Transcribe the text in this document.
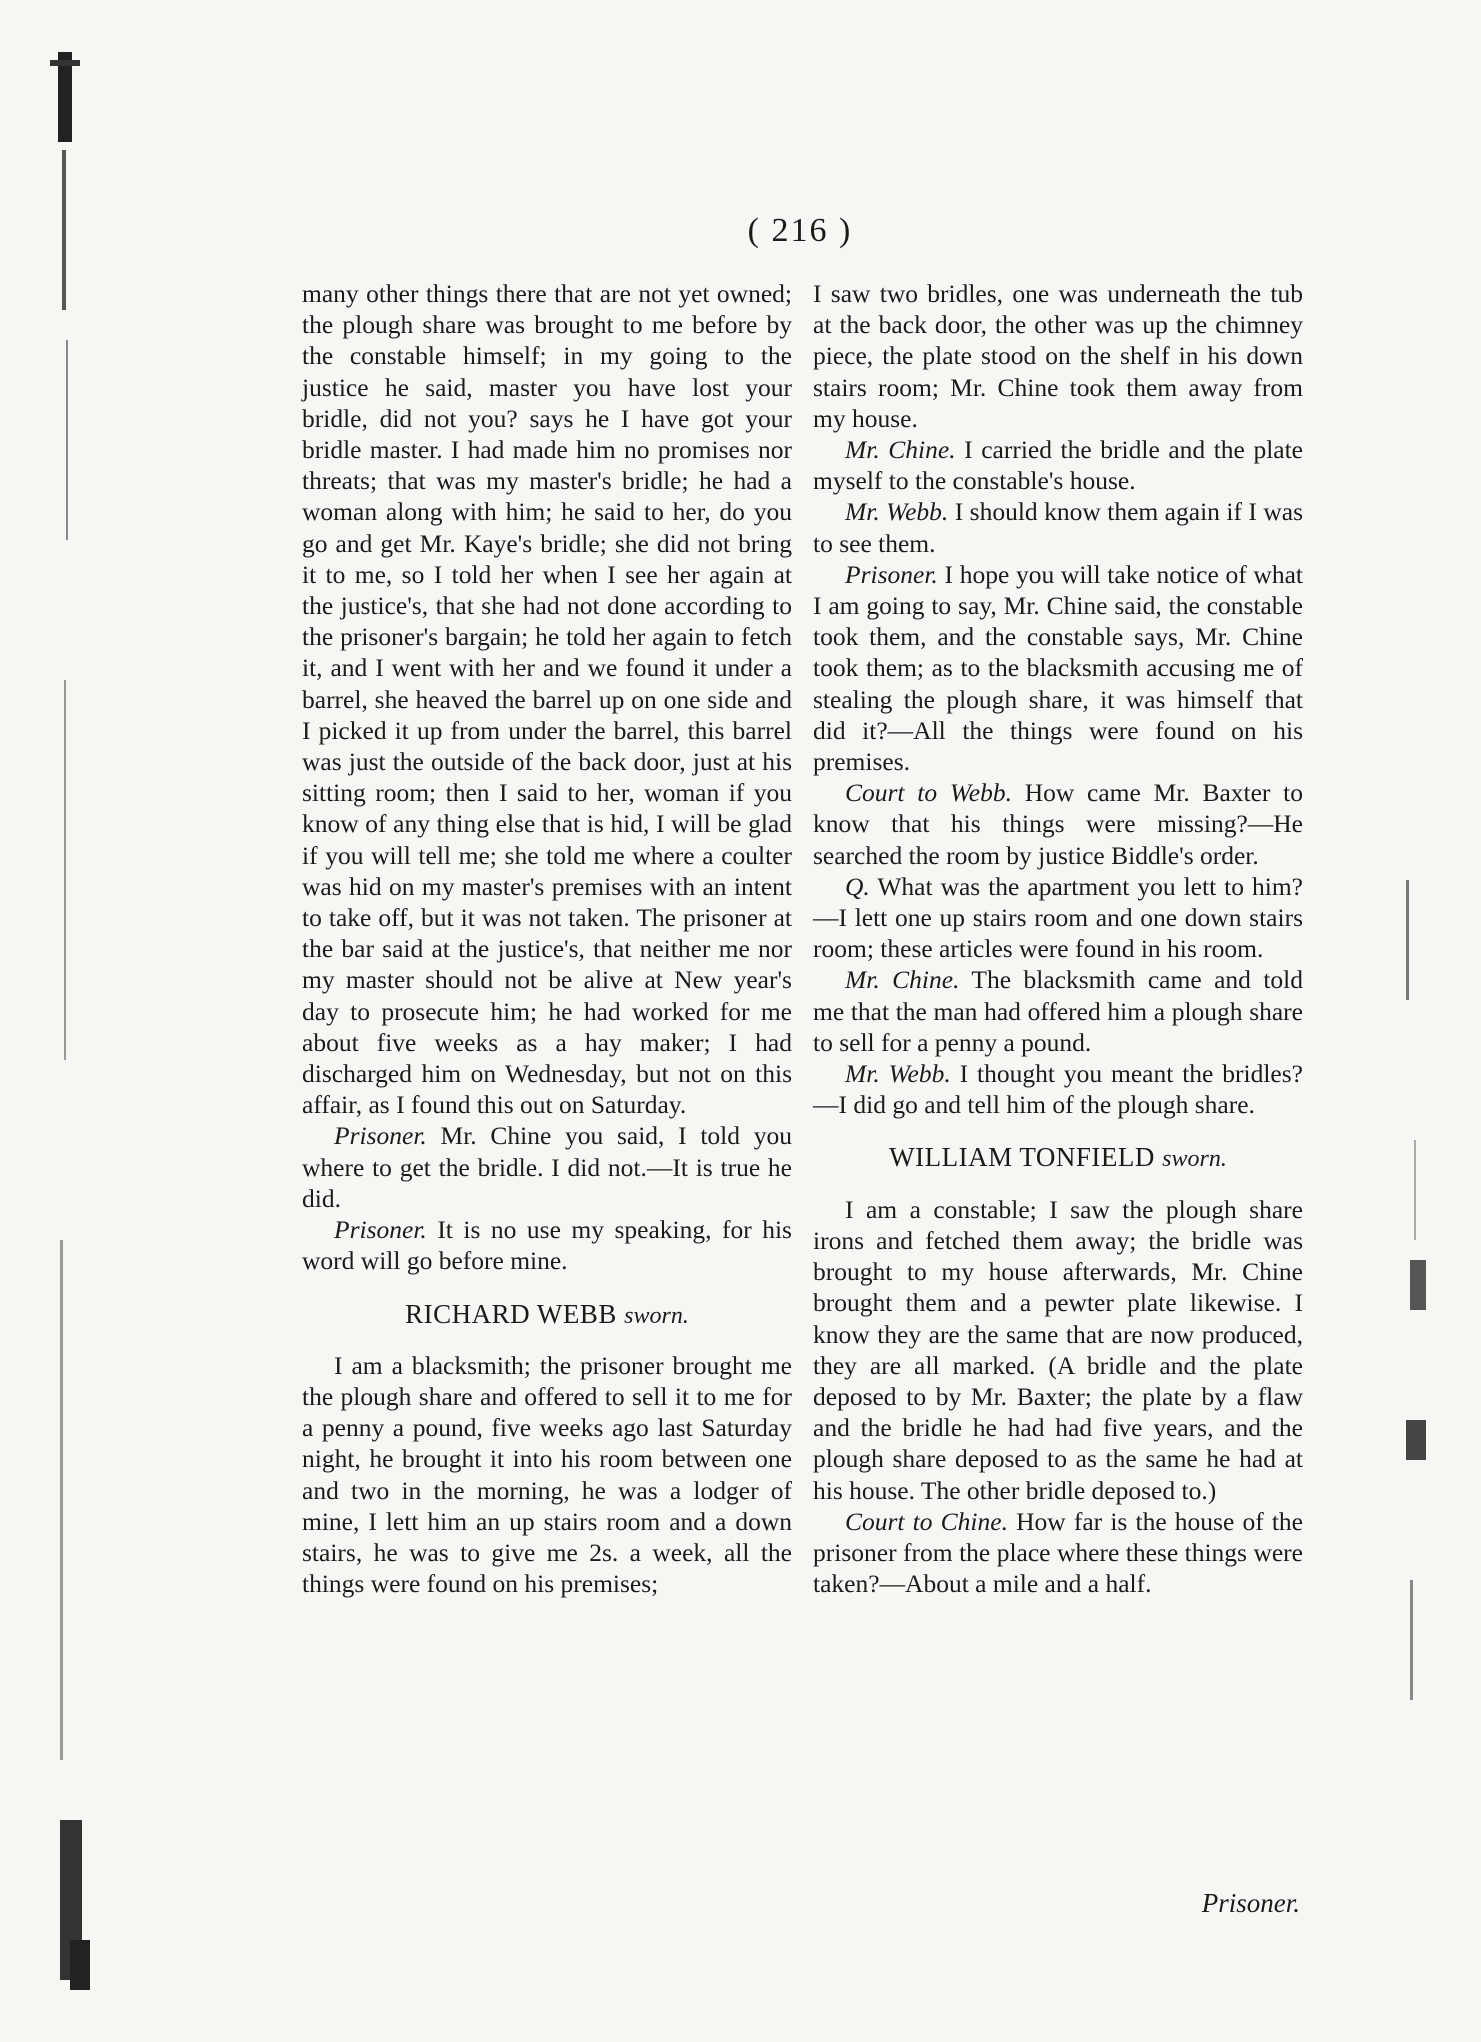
( 216 )

many other things there that are not yet owned; the plough share was brought to me before by the constable himself; in my going to the justice he said, master you have lost your bridle, did not you? says he I have got your bridle master. I had made him no promises nor threats; that was my master's bridle; he had a woman along with him; he said to her, do you go and get Mr. Kaye's bridle; she did not bring it to me, so I told her when I see her again at the justice's, that she had not done according to the prisoner's bargain; he told her again to fetch it, and I went with her and we found it under a barrel, she heaved the barrel up on one side and I picked it up from under the barrel, this barrel was just the outside of the back door, just at his sitting room; then I said to her, woman if you know of any thing else that is hid, I will be glad if you will tell me; she told me where a coulter was hid on my master's premises with an intent to take off, but it was not taken. The prisoner at the bar said at the justice's, that neither me nor my master should not be alive at New year's day to prosecute him; he had worked for me about five weeks as a hay maker; I had discharged him on Wednesday, but not on this affair, as I found this out on Saturday.

Prisoner. Mr. Chine you said, I told you where to get the bridle. I did not.—It is true he did.

Prisoner. It is no use my speaking, for his word will go before mine.

RICHARD WEBB sworn.

I am a blacksmith; the prisoner brought me the plough share and offered to sell it to me for a penny a pound, five weeks ago last Saturday night, he brought it into his room between one and two in the morning, he was a lodger of mine, I lett him an up stairs room and a down stairs, he was to give me 2s. a week, all the things were found on his premises;

I saw two bridles, one was underneath the tub at the back door, the other was up the chimney piece, the plate stood on the shelf in his down stairs room; Mr. Chine took them away from my house.

Mr. Chine. I carried the bridle and the plate myself to the constable's house.

Mr. Webb. I should know them again if I was to see them.

Prisoner. I hope you will take notice of what I am going to say, Mr. Chine said, the constable took them, and the constable says, Mr. Chine took them; as to the blacksmith accusing me of stealing the plough share, it was himself that did it?—All the things were found on his premises.

Court to Webb. How came Mr. Baxter to know that his things were missing?—He searched the room by justice Biddle's order.

Q. What was the apartment you lett to him?—I lett one up stairs room and one down stairs room; these articles were found in his room.

Mr. Chine. The blacksmith came and told me that the man had offered him a plough share to sell for a penny a pound.

Mr. Webb. I thought you meant the bridles?—I did go and tell him of the plough share.

WILLIAM TONFIELD sworn.

I am a constable; I saw the plough share irons and fetched them away; the bridle was brought to my house afterwards, Mr. Chine brought them and a pewter plate likewise. I know they are the same that are now produced, they are all marked. (A bridle and the plate deposed to by Mr. Baxter; the plate by a flaw and the bridle he had had five years, and the plough share deposed to as the same he had at his house. The other bridle deposed to.)

Court to Chine. How far is the house of the prisoner from the place where these things were taken?—About a mile and a half.

Prisoner.
